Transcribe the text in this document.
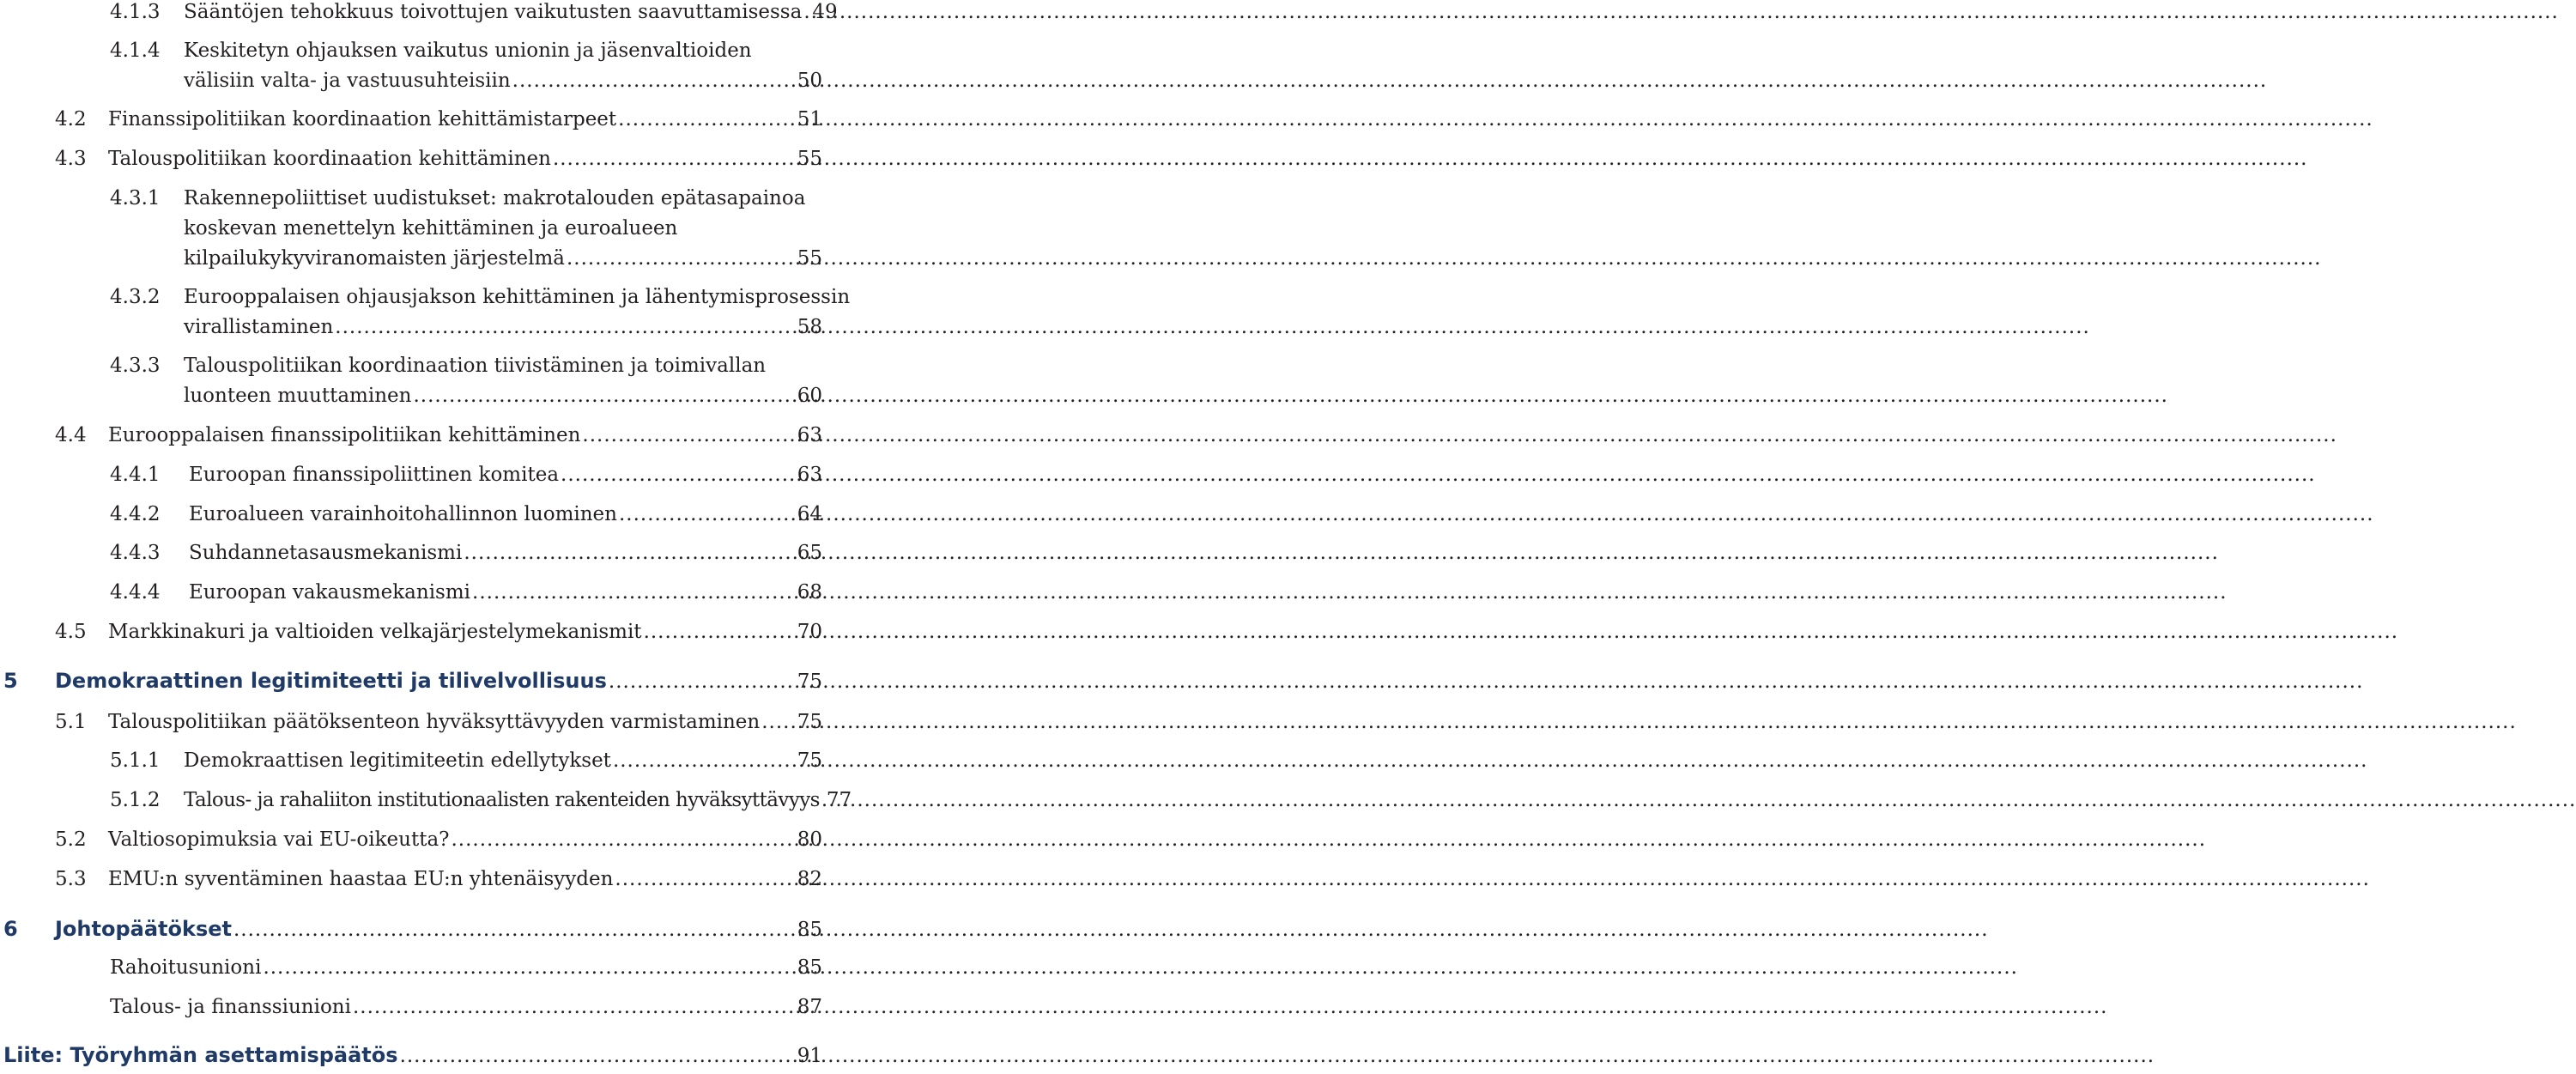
4.1.3 Sääntöjen tehokkuus toivottujen vaikutusten saavuttamisessa ..... 49
4.1.4 Keskitetyn ohjauksen vaikutus unionin ja jäsenvaltioiden
välisiin valta- ja vastuusuhteisiin .....	50
4.2 Finanssipolitiikan koordinaation kehittämistarpeet .....	51
4.3 Talouspolitiikan koordinaation kehittäminen .....	55
4.3.1 Rakennepoliittiset uudistukset: makrotalouden epätasapainoa
koskevan menettelyn kehittäminen ja euroalueen
kilpailukykyviranomaisten järjestelmä .....	55
4.3.2 Eurooppalaisen ohjausjakson kehittäminen ja lähentymisprosessin
virallistaminen .....	58
4.3.3 Talouspolitiikan koordinaation tiivistäminen ja toimivallan
luonteen muuttaminen .....	60
4.4 Eurooppalaisen finanssipolitiikan kehittäminen .....	63
4.4.1 Euroopan finanssipoliittinen komitea .....	63
4.4.2 Euroalueen varainhoitohallinnon luominen .....	64
4.4.3 Suhdannetasausmekanismi .....	65
4.4.4 Euroopan vakausmekanismi .....	68
4.5 Markkinakuri ja valtioiden velkajärjestelymekanismit .....	70
5 Demokraattinen legitimiteetti ja tilivelvollisuus .....	75
5.1 Talouspolitiikan päätöksenteon hyväksyttävyyden varmistaminen ..... 75
5.1.1 Demokraattisen legitimiteetin edellytykset .....	75
5.1.2 Talous- ja rahaliiton institutionaalisten rakenteiden hyväksyttävyys ..... 77
5.2 Valtiosopimuksia vai EU-oikeutta? .....	80
5.3 EMU:n syventäminen haastaa EU:n yhtenäisyyden .....	82
6 Johtopäätökset .....	85
Rahoitusunioni .....	85
Talous- ja finanssiunioni .....	87
Liite: Työryhmän asettamispäätös .....	91
